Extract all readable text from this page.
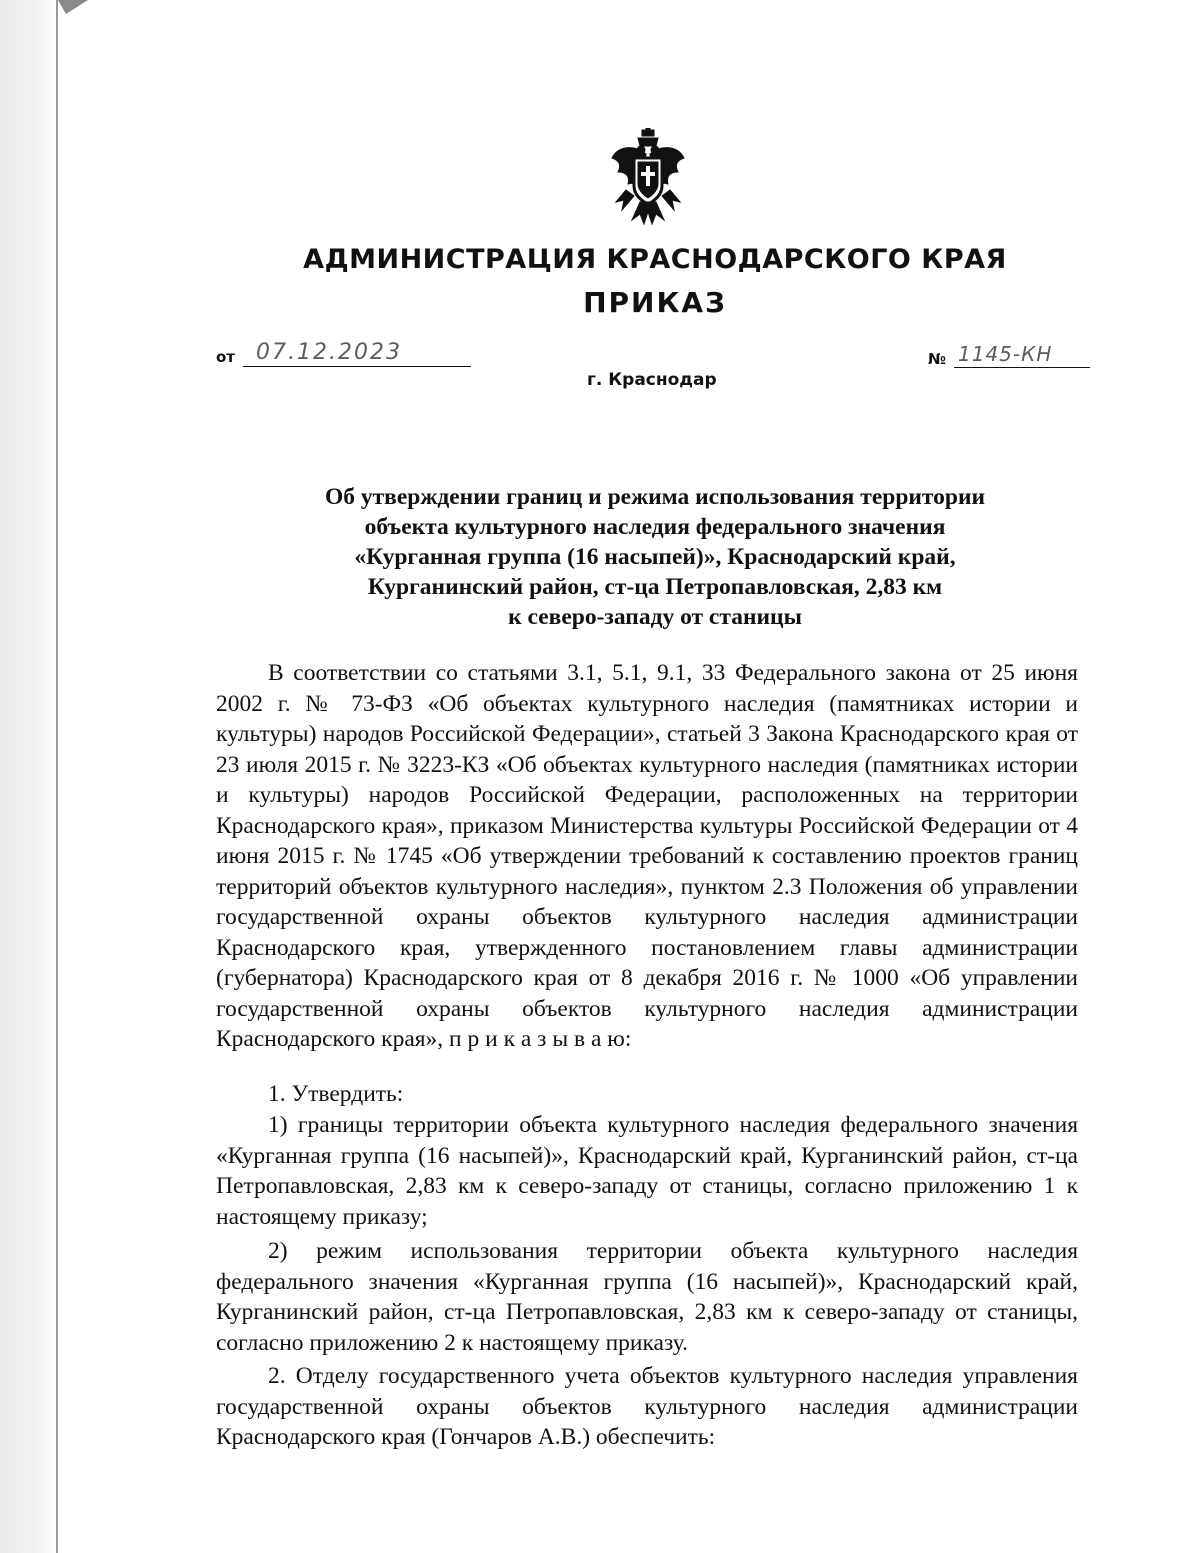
АДМИНИСТРАЦИЯ КРАСНОДАРСКОГО КРАЯ
ПРИКАЗ
от 07.12.2023
г. Краснодар
№ 1145-КН

Об утверждении границ и режима использования территории
объекта культурного наследия федерального значения
«Курганная группа (16 насыпей)», Краснодарский край,
Курганинский район, ст-ца Петропавловская, 2,83 км
к северо-западу от станицы

В соответствии со статьями 3.1, 5.1, 9.1, 33 Федерального закона от 25 июня 2002 г. № 73-ФЗ «Об объектах культурного наследия (памятниках истории и культуры) народов Российской Федерации», статьей 3 Закона Краснодарского края от 23 июля 2015 г. № 3223-КЗ «Об объектах культурного наследия (памятниках истории и культуры) народов Российской Федерации, расположенных на территории Краснодарского края», приказом Министерства культуры Российской Федерации от 4 июня 2015 г. № 1745 «Об утверждении требований к составлению проектов границ территорий объектов культурного наследия», пунктом 2.3 Положения об управлении государственной охраны объектов культурного наследия администрации Краснодарского края, утвержденного постановлением главы администрации (губернатора) Краснодарского края от 8 декабря 2016 г. № 1000 «Об управлении государственной охраны объектов культурного наследия администрации Краснодарского края», п р и к а з ы в а ю:

1. Утвердить:

1) границы территории объекта культурного наследия федерального значения «Курганная группа (16 насыпей)», Краснодарский край, Курганинский район, ст-ца Петропавловская, 2,83 км к северо-западу от станицы, согласно приложению 1 к настоящему приказу;

2) режим использования территории объекта культурного наследия федерального значения «Курганная группа (16 насыпей)», Краснодарский край, Курганинский район, ст-ца Петропавловская, 2,83 км к северо-западу от станицы, согласно приложению 2 к настоящему приказу.

2. Отделу государственного учета объектов культурного наследия управления государственной охраны объектов культурного наследия администрации Краснодарского края (Гончаров А.В.) обеспечить:
